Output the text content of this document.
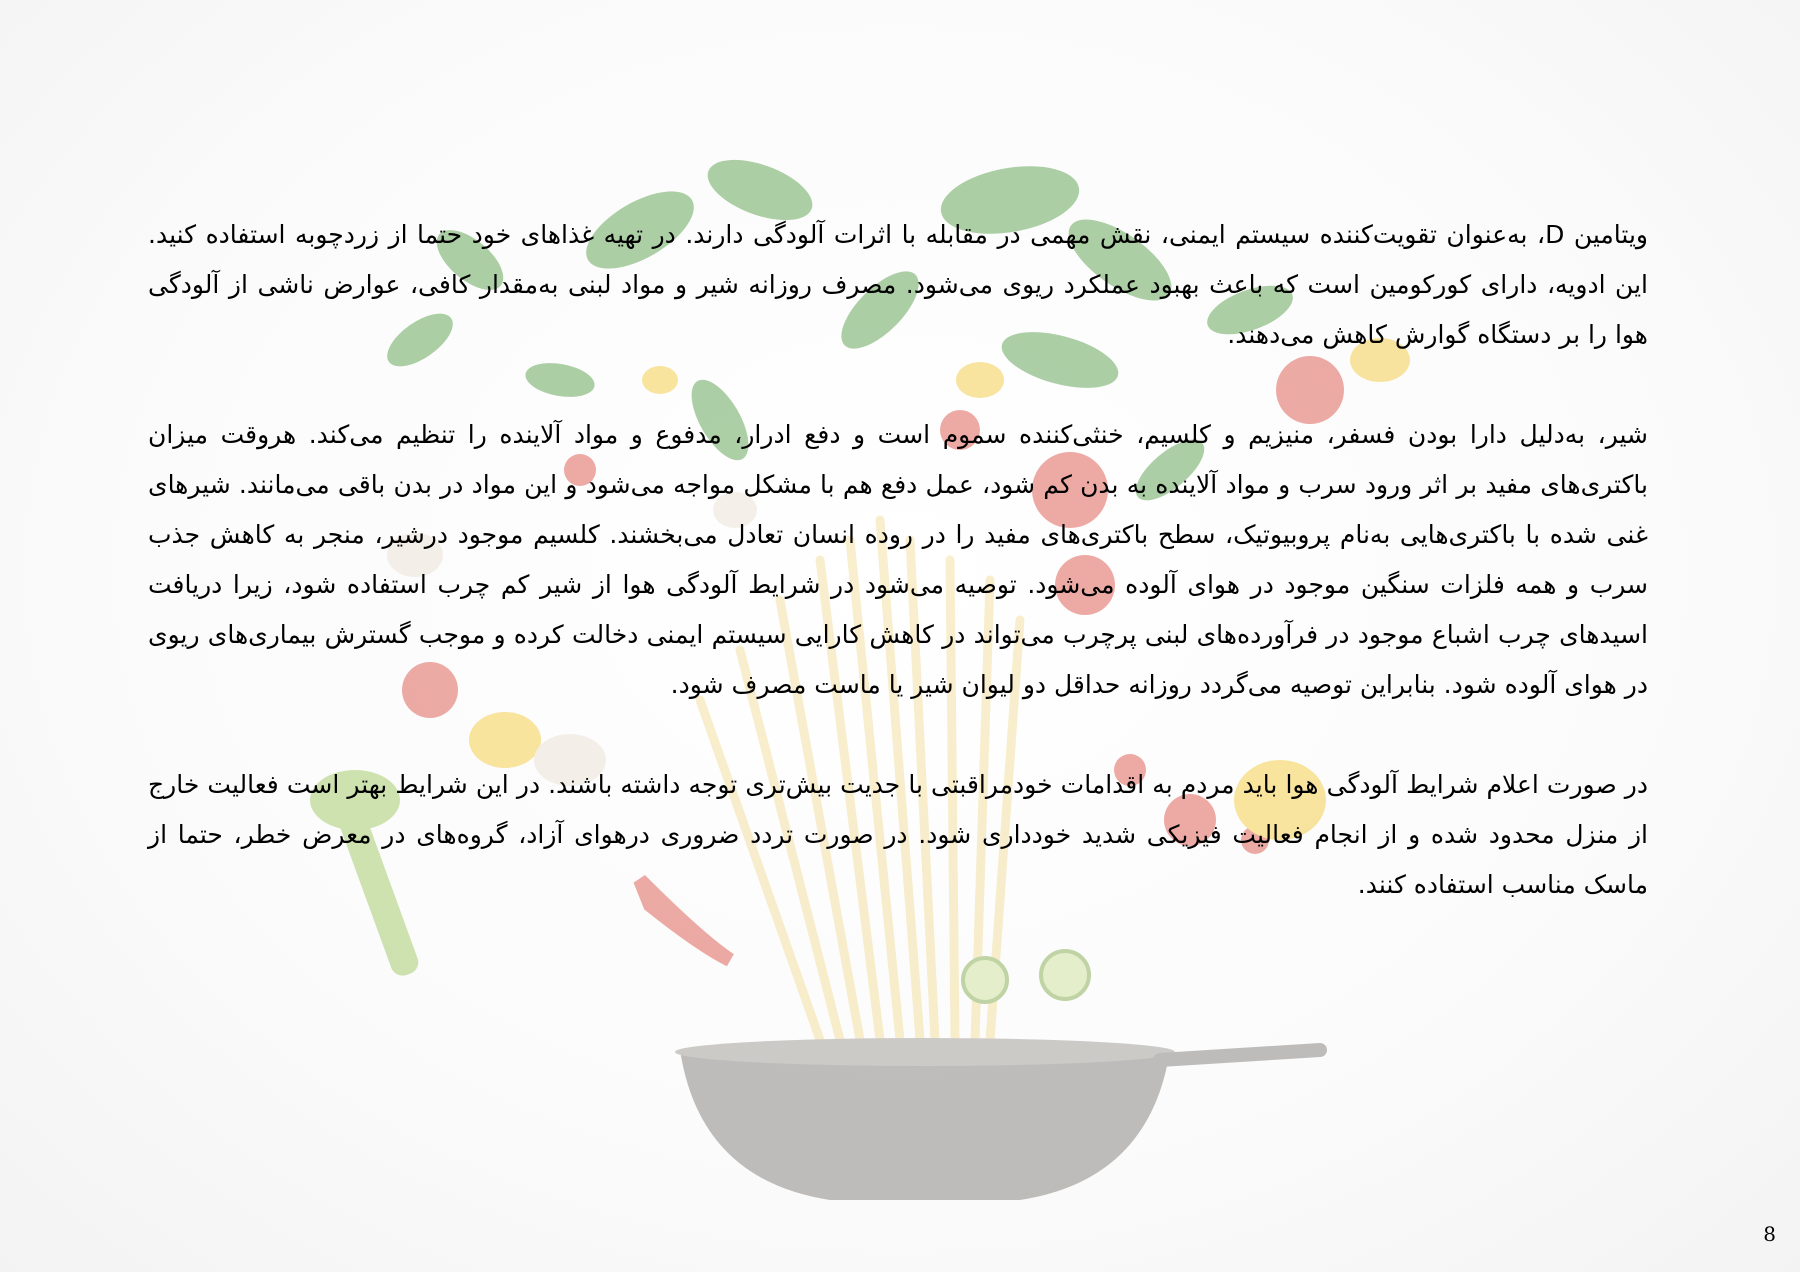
ویتامین D، به‌عنوان تقویت‌کننده سیستم ایمنی، نقش مهمی در مقابله با اثرات آلودگی دارند. در تهیه غذاهای خود حتما از زردچوبه استفاده کنید. این ادویه، دارای کورکومین است که باعث بهبود عملکرد ریوی می‌شود. مصرف روزانه شیر و مواد لبنی به‌مقدار کافی، عوارض ناشی از آلودگی هوا را بر دستگاه گوارش کاهش می‌دهند.

شیر، به‌دلیل دارا بودن فسفر، منیزیم و کلسیم، خنثی‌کننده سموم است و دفع ادرار، مدفوع و مواد آلاینده را تنظیم می‌کند. هروقت میزان باکتری‌های مفید بر اثر ورود سرب و مواد آلاینده به بدن کم شود، عمل دفع هم با مشکل مواجه می‌شود و این مواد در بدن باقی می‌مانند. شیرهای غنی شده با باکتری‌هایی به‌نام پروبیوتیک، سطح باکتری‌های مفید را در روده انسان تعادل می‌بخشند. کلسیم موجود درشیر، منجر به کاهش جذب سرب و همه فلزات سنگین موجود در هوای آلوده می‌شود. توصیه می‌شود در شرایط آلودگی هوا از شیر کم چرب استفاده شود، زیرا دریافت اسیدهای چرب اشباع موجود در فرآورده‌های لبنی پرچرب می‌تواند در کاهش کارایی سیستم ایمنی دخالت کرده و موجب گسترش بیماری‌های ریوی در هوای آلوده شود. بنابراین توصیه می‌گردد روزانه حداقل دو لیوان شیر یا ماست مصرف شود.

در صورت اعلام شرایط آلودگی هوا باید مردم به اقدامات خودمراقبتی با جدیت بیش‌تری توجه داشته باشند. در این شرایط بهتر است فعالیت خارج از منزل محدود شده و از انجام فعالیت فیزیکی شدید خودداری شود. در صورت تردد ضروری درهوای آزاد، گروه‌های در معرض خطر، حتما از ماسک مناسب استفاده کنند.

8
